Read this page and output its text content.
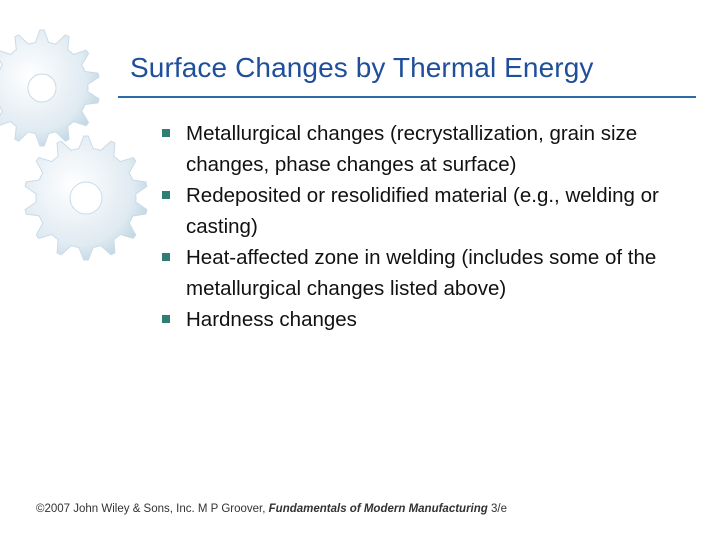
Surface Changes by Thermal Energy
Metallurgical changes (recrystallization, grain size changes, phase changes at surface)
Redeposited or resolidified material (e.g., welding or casting)
Heat‑affected zone in welding (includes some of the metallurgical changes listed above)
Hardness changes
©2007 John Wiley & Sons, Inc. M P Groover, Fundamentals of Modern Manufacturing 3/e
